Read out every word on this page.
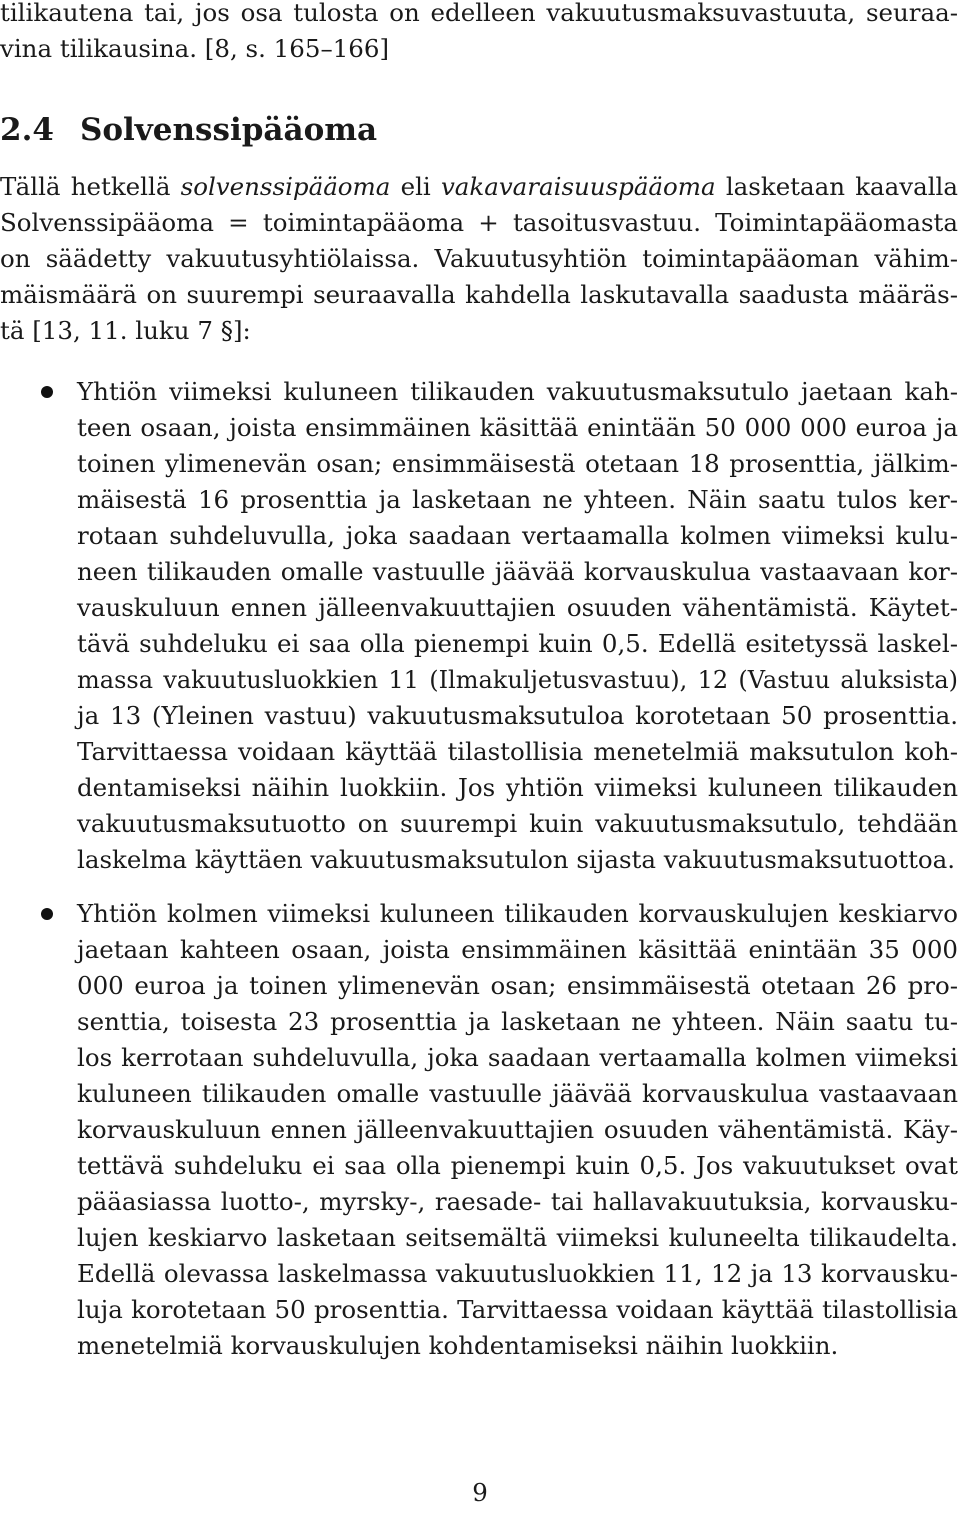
tilikautena tai, jos osa tulosta on edelleen vakuutusmaksuvastuuta, seuraa-
vina tilikausina. [8, s. 165–166]
2.4 Solvenssipääoma
Tällä hetkellä solvenssipääoma eli vakavaraisuuspääoma lasketaan kaavalla
Solvenssipääoma = toimintapääoma + tasoitusvastuu. Toimintapääomasta
on säädetty vakuutusyhtiölaissa. Vakuutusyhtiön toimintapääoman vähim-
mäismäärä on suurempi seuraavalla kahdella laskutavalla saadusta määräs-
tä [13, 11. luku 7 §]:
Yhtiön viimeksi kuluneen tilikauden vakuutusmaksutulo jaetaan kah-
teen osaan, joista ensimmäinen käsittää enintään 50 000 000 euroa ja
toinen ylimenevän osan; ensimmäisestä otetaan 18 prosenttia, jälkim-
mäisestä 16 prosenttia ja lasketaan ne yhteen. Näin saatu tulos ker-
rotaan suhdeluvulla, joka saadaan vertaamalla kolmen viimeksi kulu-
neen tilikauden omalle vastuulle jäävää korvauskulua vastaavaan kor-
vauskuluun ennen jälleenvakuuttajien osuuden vähentämistä. Käytet-
tävä suhdeluku ei saa olla pienempi kuin 0,5. Edellä esitetyssä laskel-
massa vakuutusluokkien 11 (Ilmakuljetusvastuu), 12 (Vastuu aluksista)
ja 13 (Yleinen vastuu) vakuutusmaksutuloa korotetaan 50 prosenttia.
Tarvittaessa voidaan käyttää tilastollisia menetelmiä maksutulon koh-
dentamiseksi näihin luokkiin. Jos yhtiön viimeksi kuluneen tilikauden
vakuutusmaksutuotto on suurempi kuin vakuutusmaksutulo, tehdään
laskelma käyttäen vakuutusmaksutulon sijasta vakuutusmaksutuottoa.
Yhtiön kolmen viimeksi kuluneen tilikauden korvauskulujen keskiarvo
jaetaan kahteen osaan, joista ensimmäinen käsittää enintään 35 000
000 euroa ja toinen ylimenevän osan; ensimmäisestä otetaan 26 pro-
senttia, toisesta 23 prosenttia ja lasketaan ne yhteen. Näin saatu tu-
los kerrotaan suhdeluvulla, joka saadaan vertaamalla kolmen viimeksi
kuluneen tilikauden omalle vastuulle jäävää korvauskulua vastaavaan
korvauskuluun ennen jälleenvakuuttajien osuuden vähentämistä. Käy-
tettävä suhdeluku ei saa olla pienempi kuin 0,5. Jos vakuutukset ovat
pääasiassa luotto-, myrsky-, raesade- tai hallavakuutuksia, korvausku-
lujen keskiarvo lasketaan seitsemältä viimeksi kuluneelta tilikaudelta.
Edellä olevassa laskelmassa vakuutusluokkien 11, 12 ja 13 korvausku-
luja korotetaan 50 prosenttia. Tarvittaessa voidaan käyttää tilastollisia
menetelmiä korvauskulujen kohdentamiseksi näihin luokkiin.
9
